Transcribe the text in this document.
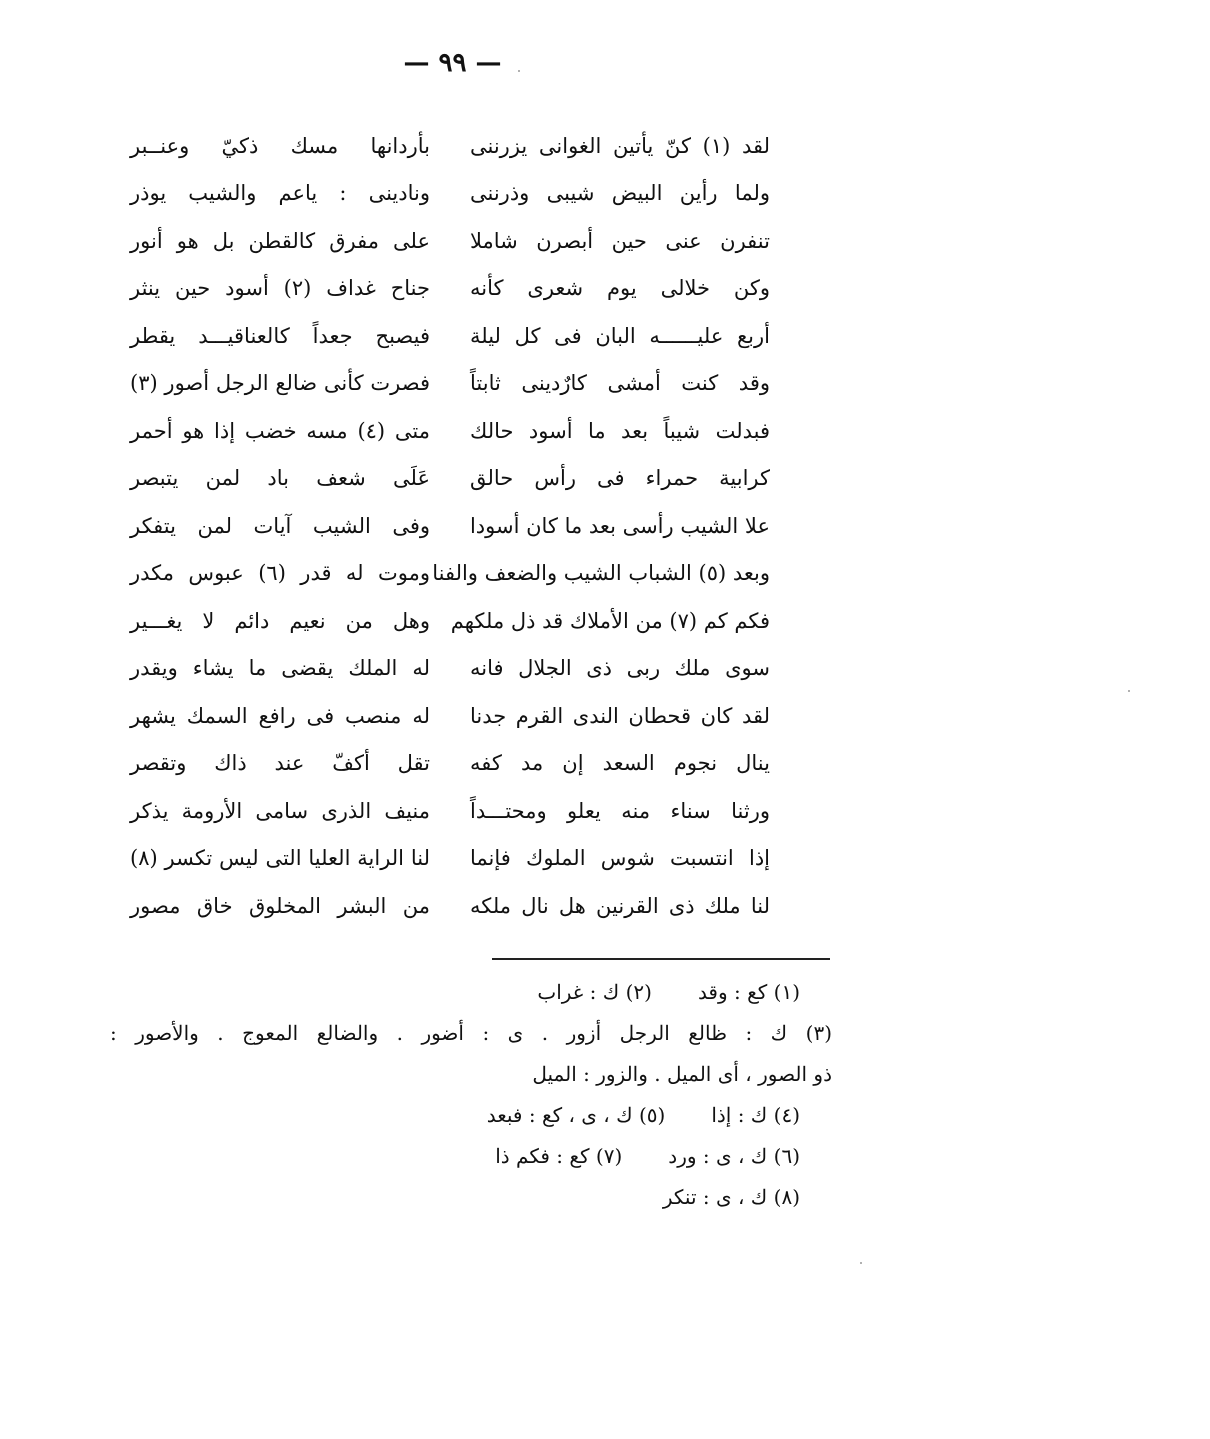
— ٩٩ —
لقد (١) كنّ يأتين الغوانى يزرننى
بأردانها مسك ذكيّ وعنــبر
ولما رأين البيض شيبى وذرننى
ونادينى : ياعم والشيب يوذر
تنفرن عنى حين أبصرن شاملا
على مفرق كالقطن بل هو أنور
وكن خلالى يوم شعرى كأنه
جناح غداف (٢) أسود حين ينثر
أربع عليــــــه البان فى كل ليلة
فيصبح جعداً كالعناقيـــد يقطر
وقد كنت أمشى كارٌدينى ثابتاً
فصرت كأنى ضالع الرجل أصور (٣)
فبدلت شيباً بعد ما أسود حالك
متى (٤) مسه خضب إذا هو أحمر
كرابية حمراء فى رأس حالق
عَلَى شعف باد لمن يتبصر
علا الشيب رأسى بعد ما كان أسودا
وفى الشيب آيات لمن يتفكر
وبعد (٥) الشباب الشيب والضعف والفنا
وموت له قدر (٦) عبوس مكدر
فكم كم (٧) من الأملاك قد ذل ملكهم
وهل من نعيم دائم لا يغـــير
سوى ملك ربى ذى الجلال فانه
له الملك يقضى ما يشاء ويقدر
لقد كان قحطان الندى القرم جدنا
له منصب فى رافع السمك يشهر
ينال نجوم السعد إن مد كفه
تقل أكفّ عند ذاك وتقصر
ورثنا سناء منه يعلو ومحتـــداً
منيف الذرى سامى الأرومة يذكر
إذا انتسبت شوس الملوك فإنما
لنا الراية العليا التى ليس تكسر (٨)
لنا ملك ذى القرنين هل نال ملكه
من البشر المخلوق خاق مصور
(١) كع : وقد(٢) ك : غراب
(٣) ك : ظالع الرجل أزور . ى : أضور . والضالع المعوج . والأصور :
ذو الصور ، أى الميل . والزور : الميل
(٤) ك : إذا(٥) ك ، ى ، كع : فبعد
(٦) ك ، ى : ورد(٧) كع : فكم ذا
(٨) ك ، ى : تنكر
